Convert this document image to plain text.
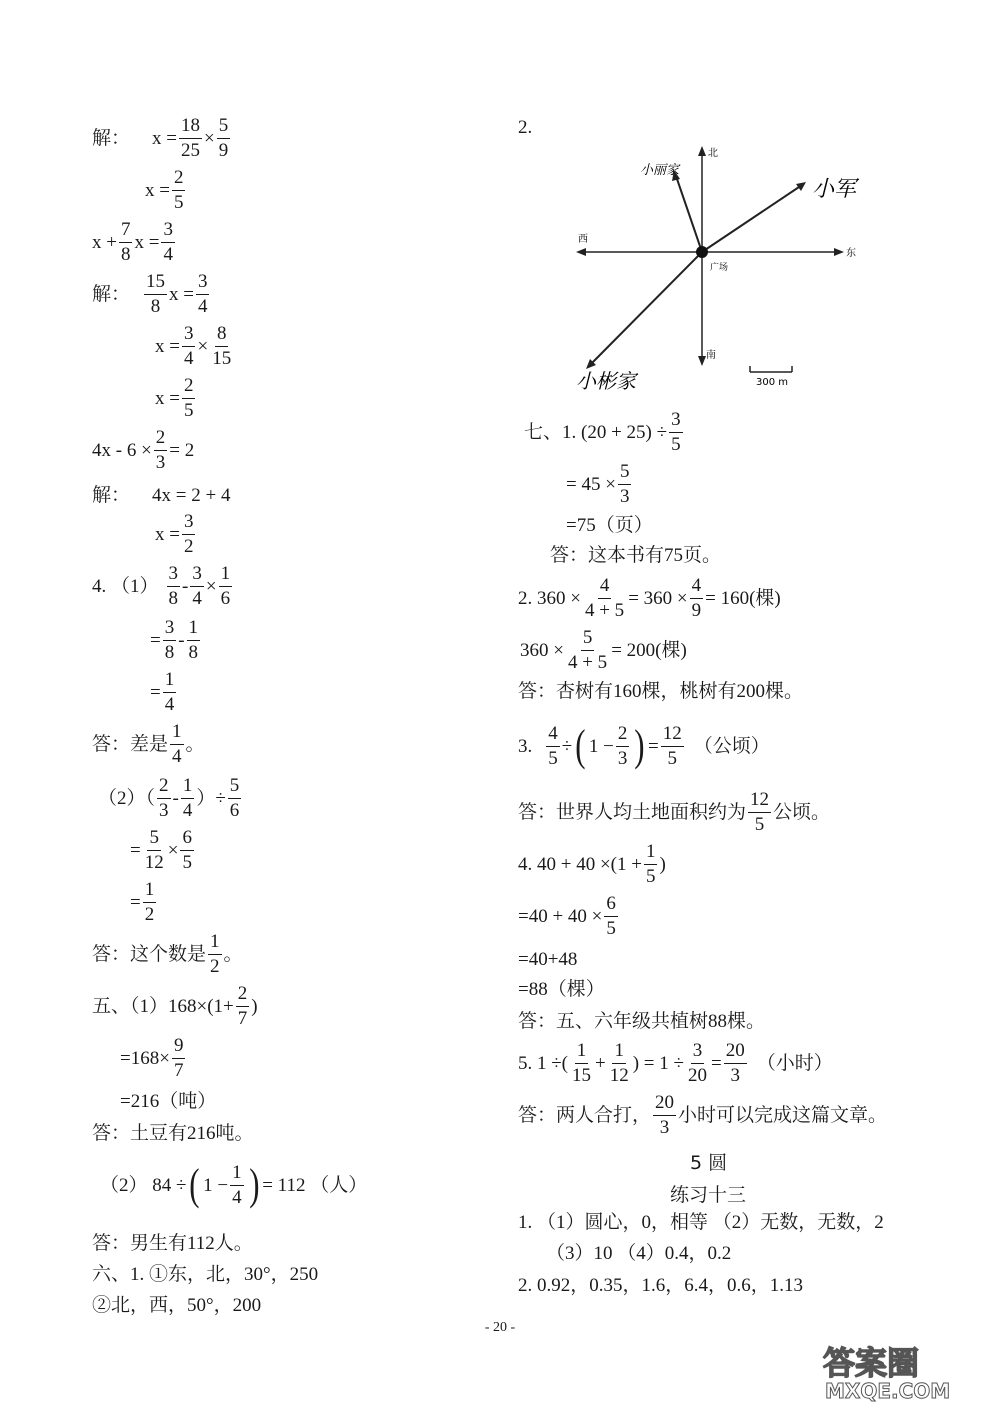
解： $x = \frac{18}{25} \times \frac{5}{9}$
$x = \frac{2}{5}$
$x + \frac{7}{8}$ $x = \frac{3}{4}$
解： $\frac{15}{8}$ $x = \frac{3}{4}$
$x = \frac{3}{4} \times \frac{8}{15}$
$x = \frac{2}{5}$
$4x - 6 \times \frac{2}{3} = 2$
解： 4x = 2 + 4
$x = \frac{3}{2}$
4. $(1) \frac{3}{8} - \frac{3}{4} \times \frac{1}{6}$
= $\frac{3}{8} - \frac{1}{8}$
= $\frac{1}{4}$
答：差是 $\frac{1}{4}$ 。
$(2)( \frac{2}{3} - \frac{1}{4}$ ）÷ $\frac{5}{6}$
= $\frac{5}{12} \times \frac{6}{5}$
= $\frac{1}{2}$
答：这个数是 $\frac{1}{2}$ 。
五、$(1)168\times(1+ \frac{2}{7}$ )
$=168\times \frac{9}{7}$
=216（吨）
答：土豆有216吨。
（2） 84 ÷ ( $1 - \frac{1}{4}$ ) = 112 （人）
答：男生有112人。
六、1. ①东，北，30°，250
②北，西，50°，200
2.
北
南
东
西
广场
小军
小丽家
小彬家	300 m
七、1. $(20 + 25) \div \frac{3}{5}$
= $45 \times \frac{5}{3}$
=75（页）
答：这本书有75页。
2. $360 \times \frac{4}{4 + 5} = 360 \times \frac{4}{9} = 160$(棵)
$360 \times \frac{5}{4 + 5} = 200$(棵)
答：杏树有160棵，桃树有200棵。
3. $\frac{4}{5}$ ÷ ( $1 - \frac{2}{3}$ ) = $\frac{12}{5}$ （公顷）
答：世界人均土地面积约为 $\frac{12}{5}$ 公顷。
4. $40 + 40 \times(1 + \frac{1}{5}$ )
$=40 + 40 \times \frac{6}{5}$
=40+48
=88（棵）
答：五、六年级共植树88棵。
5. 1 ÷( $\frac{1}{15} + \frac{1}{12}$ ) = $1 \div \frac{3}{20} = \frac{20}{3}$ （小时）
答：两人合打， $\frac{20}{3}$ 小时可以完成这篇文章。
5 圆
练习十三
1. （1）圆心，0，相等 （2）无数，无数，2
（3）10 （4）0.4，0.2
2. 0.92，0.35，1.6，6.4，0.6，1.13
- 20 -
答案圈
MXQE.COM
